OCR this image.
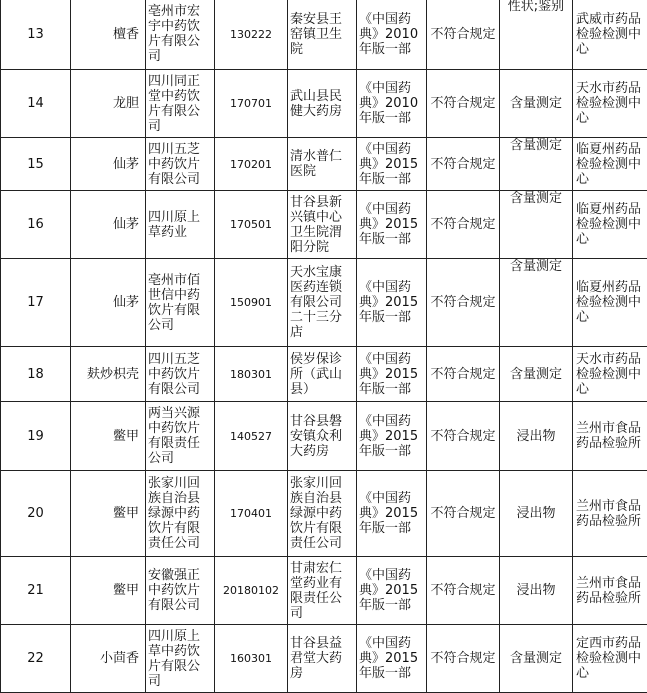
13	檀香	亳州市宏宇中药饮片有限公司	130222	秦安县王窑镇卫生院	《中国药典》2010年版一部	不符合规定	性状;鉴别	武威市药品检验检测中心
14	龙胆	四川同正堂中药饮片有限公司	170701	武山县民健大药房	《中国药典》2010年版一部	不符合规定	含量测定	天水市药品检验检测中心
15	仙茅	四川五芝中药饮片有限公司	170201	清水普仁医院	《中国药典》2015年版一部	不符合规定	含量测定	临夏州药品检验检测中心
16	仙茅	四川原上草药业	170501	甘谷县新兴镇中心卫生院渭阳分院	《中国药典》2015年版一部	不符合规定	含量测定	临夏州药品检验检测中心
17	仙茅	亳州市佰世信中药饮片有限公司	150901	天水宝康医药连锁有限公司二十三分店	《中国药典》2015年版一部	不符合规定	含量测定	临夏州药品检验检测中心
18	麸炒枳壳	四川五芝中药饮片有限公司	180301	侯岁保诊所（武山县）	《中国药典》2015年版一部	不符合规定	含量测定	天水市药品检验检测中心
19	鳖甲	两当兴源中药饮片有限责任公司	140527	甘谷县磐安镇众利大药房	《中国药典》2015年版一部	不符合规定	浸出物	兰州市食品药品检验所
20	鳖甲	张家川回族自治县绿源中药饮片有限责任公司	170401	张家川回族自治县绿源中药饮片有限责任公司	《中国药典》2015年版一部	不符合规定	浸出物	兰州市食品药品检验所
21	鳖甲	安徽强正中药饮片有限公司	20180102	甘肃宏仁堂药业有限责任公司	《中国药典》2015年版一部	不符合规定	浸出物	兰州市食品药品检验所
22	小茴香	四川原上草中药饮片有限公司	160301	甘谷县益君堂大药房	《中国药典》2015年版一部	不符合规定	含量测定	定西市药品检验检测中心
